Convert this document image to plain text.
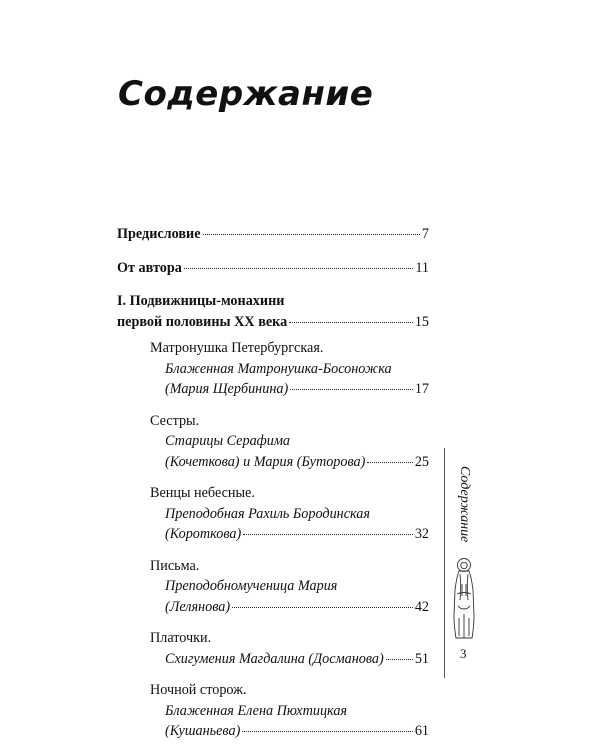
Содержание
Предисловие	7
От автора	11
I. Подвижницы-монахини
первой половины XX века	15
Матронушка Петербургская.
Блаженная Матронушка-Босоножка
(Мария Щербинина)	17
Сестры.
Старицы Серафима
(Кочеткова) и Мария (Буторова)	25
Венцы небесные.
Преподобная Рахиль Бородинская
(Короткова)	32
Письма.
Преподобномученица Мария
(Лелянова)	42
Платочки.
Схигумения Магдалина (Досманова) 51
Ночной сторож.
Блаженная Елена Пюхтицкая
(Кушаньева)	61
Содержание
3
